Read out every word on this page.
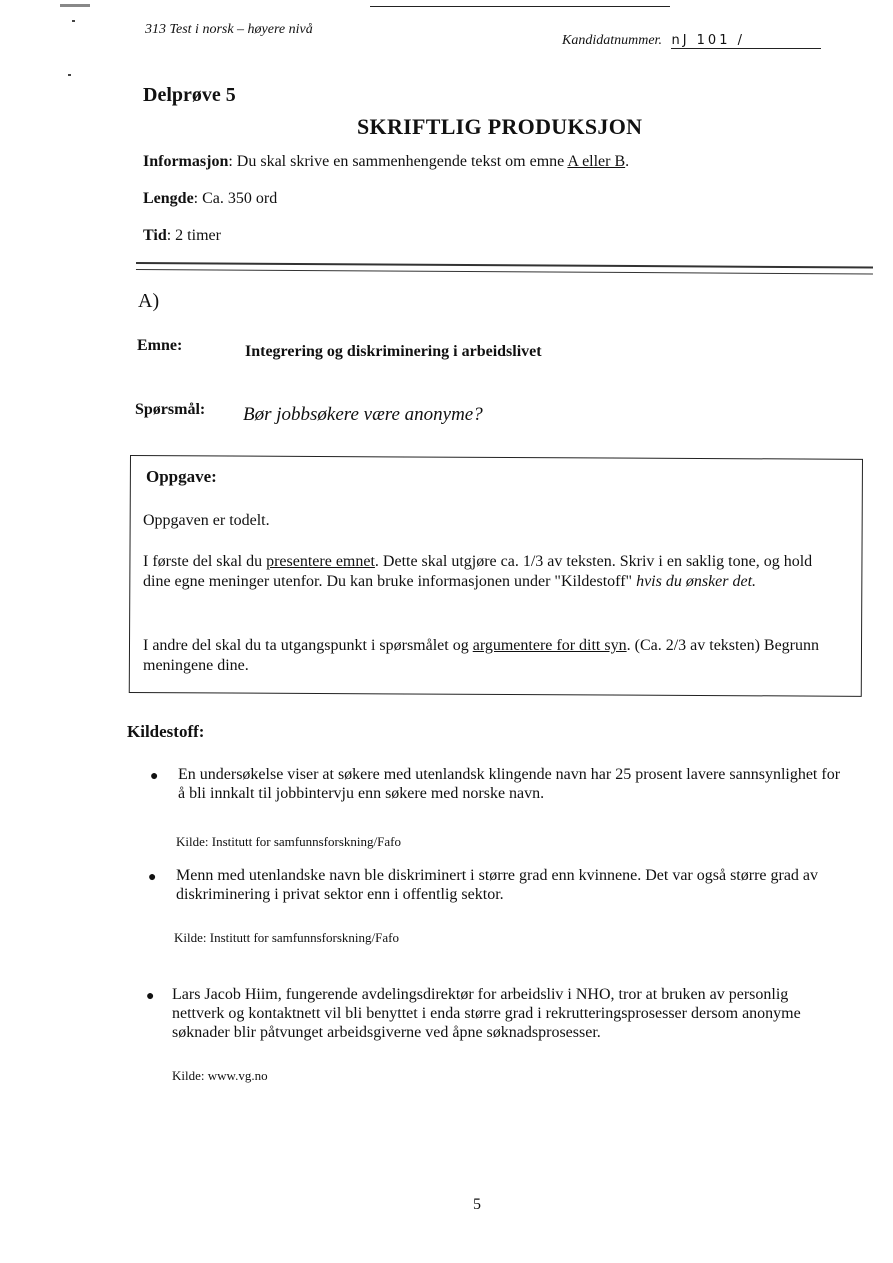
313 Test i norsk – høyere nivå
Kandidatnummer. nJ 101 /
Delprøve 5
SKRIFTLIG PRODUKSJON
Informasjon: Du skal skrive en sammenhengende tekst om emne A eller B.
Lengde: Ca. 350 ord
Tid: 2 timer
A)
Emne:	Integrering og diskriminering i arbeidslivet
Spørsmål: Bør jobbsøkere være anonyme?
Oppgave:
Oppgaven er todelt.
I første del skal du presentere emnet. Dette skal utgjøre ca. 1/3 av teksten. Skriv i en saklig tone, og hold dine egne meninger utenfor. Du kan bruke informasjonen under "Kildestoff" hvis du ønsker det.
I andre del skal du ta utgangspunkt i spørsmålet og argumentere for ditt syn. (Ca. 2/3 av teksten) Begrunn meningene dine.
Kildestoff:
● En undersøkelse viser at søkere med utenlandsk klingende navn har 25 prosent lavere sannsynlighet for å bli innkalt til jobbintervju enn søkere med norske navn.
Kilde: Institutt for samfunnsforskning/Fafo
● Menn med utenlandske navn ble diskriminert i større grad enn kvinnene. Det var også større grad av diskriminering i privat sektor enn i offentlig sektor.
Kilde: Institutt for samfunnsforskning/Fafo
● Lars Jacob Hiim, fungerende avdelingsdirektør for arbeidsliv i NHO, tror at bruken av personlig nettverk og kontaktnett vil bli benyttet i enda større grad i rekrutteringsprosesser dersom anonyme søknader blir påtvunget arbeidsgiverne ved åpne søknadsprosesser.
Kilde: www.vg.no
5
